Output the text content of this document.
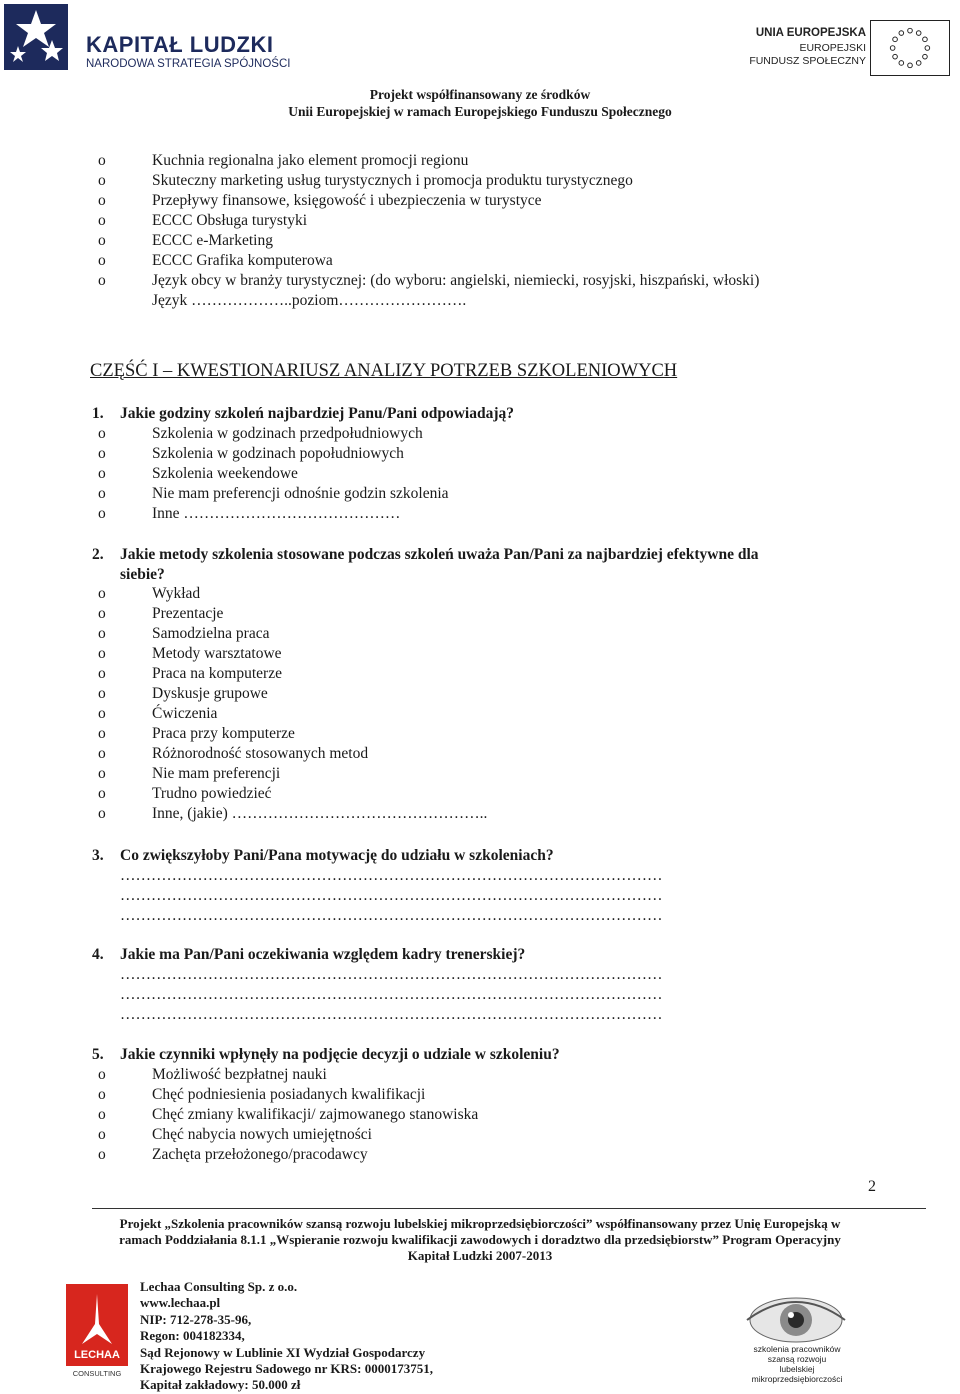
KAPITAŁ LUDZKI
NARODOWA STRATEGIA SPÓJNOŚCI
UNIA EUROPEJSKA
EUROPEJSKI
FUNDUSZ SPOŁECZNY
Projekt współfinansowany ze środków
Unii Europejskiej w ramach Europejskiego Funduszu Społecznego
o	Kuchnia regionalna jako element promocji regionu
o	Skuteczny marketing usług turystycznych i promocja produktu turystycznego
o	Przepływy finansowe, księgowość i ubezpieczenia w turystyce
o	ECCC Obsługa turystyki
o	ECCC e-Marketing
o	ECCC Grafika komputerowa
o	Język obcy w branży turystycznej: (do wyboru: angielski, niemiecki, rosyjski, hiszpański, włoski)
Język ………………..poziom…………………….
CZĘŚĆ I – KWESTIONARIUSZ ANALIZY POTRZEB SZKOLENIOWYCH
1. Jakie godziny szkoleń najbardziej Panu/Pani odpowiadają?
o	Szkolenia w godzinach przedpołudniowych
o	Szkolenia w godzinach popołudniowych
o	Szkolenia weekendowe
o	Nie mam preferencji odnośnie godzin szkolenia
o	Inne ……………………………………
2. Jakie metody szkolenia stosowane podczas szkoleń uważa Pan/Pani za najbardziej efektywne dla
siebie?
o	Wykład
o	Prezentacje
o	Samodzielna praca
o	Metody warsztatowe
o	Praca na komputerze
o	Dyskusje grupowe
o	Ćwiczenia
o	Praca przy komputerze
o	Różnorodność stosowanych metod
o	Nie mam preferencji
o	Trudno powiedzieć
o	Inne, (jakie) …………………………………………..
3. Co zwiększyłoby Pani/Pana motywację do udziału w szkoleniach?
……………………………………………………………………………………………
……………………………………………………………………………………………
……………………………………………………………………………………………
4. Jakie ma Pan/Pani oczekiwania względem kadry trenerskiej?
……………………………………………………………………………………………
……………………………………………………………………………………………
……………………………………………………………………………………………
5. Jakie czynniki wpłynęły na podjęcie decyzji o udziale w szkoleniu?
o	Możliwość bezpłatnej nauki
o	Chęć podniesienia posiadanych kwalifikacji
o	Chęć zmiany kwalifikacji/ zajmowanego stanowiska
o	Chęć nabycia nowych umiejętności
o	Zachęta przełożonego/pracodawcy
2
Projekt „Szkolenia pracowników szansą rozwoju lubelskiej mikroprzedsiębiorczości” współfinansowany przez Unię Europejską w
ramach Poddziałania 8.1.1 „Wspieranie rozwoju kwalifikacji zawodowych i doradztwo dla przedsiębiorstw” Program Operacyjny
Kapitał Ludzki 2007-2013
LECHAA
CONSULTING
Lechaa Consulting Sp. z o.o.
www.lechaa.pl
NIP: 712-278-35-96,
Regon: 004182334,
Sąd Rejonowy w Lublinie XI Wydział Gospodarczy
Krajowego Rejestru Sadowego nr KRS: 0000173751,
Kapitał zakładowy: 50.000 zł
szkolenia pracowników
szansą rozwoju
lubelskiej mikroprzedsiębiorczości
